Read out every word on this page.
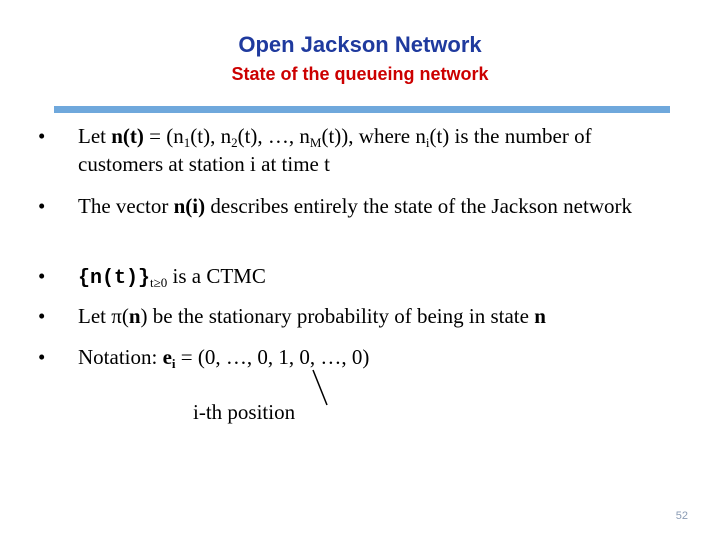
Open Jackson Network
State of the queueing network
• Let $n(t) = (n_1(t)$, $n_2(t)$, …, $n_M(t)$), where $n_i(t)$ is the number of customers at station i at time t
• The vector n(i) describes entirely the state of the Jackson network
• $\{n(t)\}_{t\ge 0}$ is a CTMC
• Let π(n) be the stationary probability of being in state n
• Notation: $e_i = (0$, …, 0, 1, 0, …, 0)
i-th position
52
